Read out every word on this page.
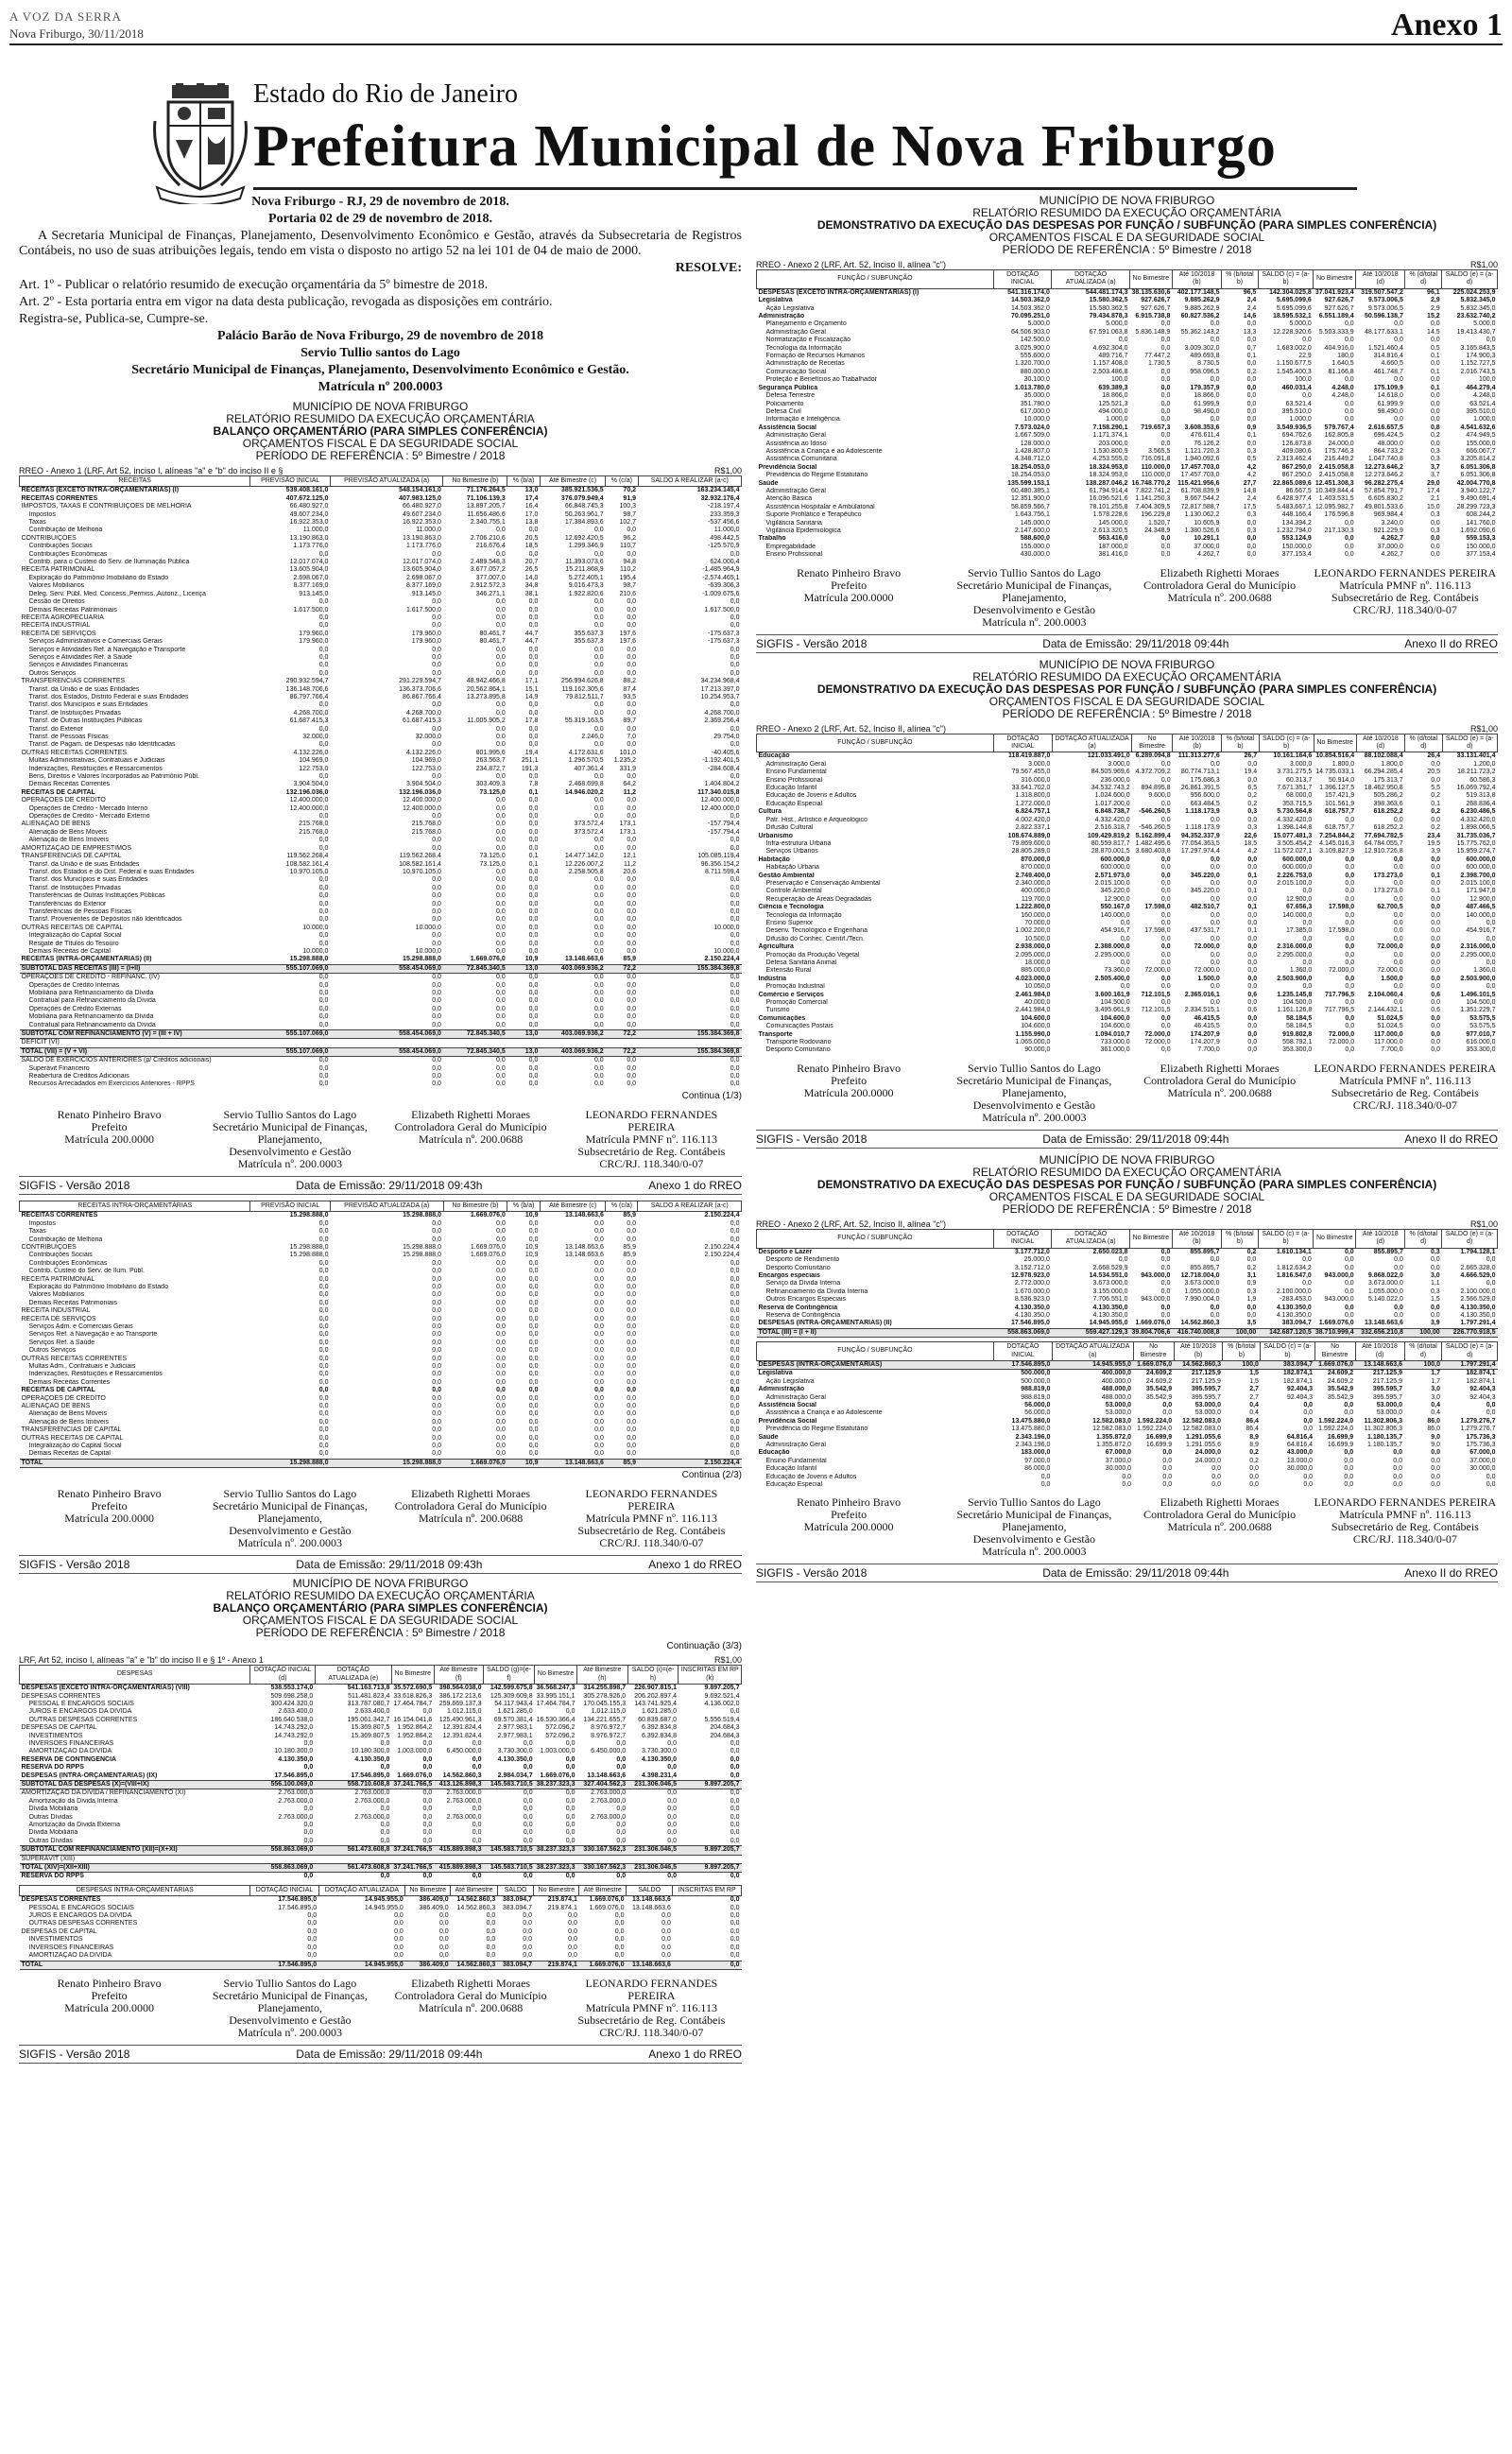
A VOZ DA SERRA
Nova Friburgo, 30/11/2018	Anexo 1
Estado do Rio de Janeiro
Prefeitura Municipal de Nova Friburgo

Nova Friburgo - RJ, 29 de novembro de 2018.

Portaria 02 de 29 de novembro de 2018.

A Secretaria Municipal de Finanças, Planejamento, Desenvolvimento Econômico e Gestão, através da Subsecretaria de Registros Contábeis, no uso de suas atribuições legais, tendo em vista o disposto no artigo 52 na lei 101 de 04 de maio de 2000.

RESOLVE:

Art. 1º - Publicar o relatório resumido de execução orçamentária da 5º bimestre de 2018.

Art. 2º - Esta portaria entra em vigor na data desta publicação, revogada as disposições em contrário.

Registra-se, Publica-se, Cumpre-se.

Palácio Barão de Nova Friburgo, 29 de novembro de 2018

Servio Tullio santos do Lago

Secretário Municipal de Finanças, Planejamento, Desenvolvimento Econômico e Gestão.

Matrícula nº 200.0003

MUNICÍPIO DE NOVA FRIBURGO
RELATÓRIO RESUMIDO DA EXECUÇÃO ORÇAMENTÁRIA
BALANÇO ORÇAMENTÁRIO (PARA SIMPLES CONFERÊNCIA)
ORÇAMENTOS FISCAL E DA SEGURIDADE SOCIAL
PERÍODO DE REFERÊNCIA : 5º Bimestre / 2018
RREO - Anexo 1 (LRF, Art 52, inciso I, alíneas "a" e "b" do inciso II e §	R$1,00
RECEITAS	PREVISÃO INICIAL	PREVISÃO ATUALIZADA (a)	No Bimestre (b)	% (b/a)	Até Bimestre (c)	% (c/a)	SALDO A REALIZAR (a-c)
RECEITAS (EXCETO INTRA-ORÇAMENTÁRIAS) (I)	539.408.161,0	548.154.161,0	71.176.264,5	13,0	385.921.536,5	70,2	163.234.145,4
RECEITAS CORRENTES	407.672.125,0	407.983.125,0	71.106.139,3	17,4	376.079.949,4	91,9	32.932.176,4
IMPOSTOS, TAXAS E CONTRIBUIÇÕES DE MELHORIA	66.480.927,0	66.480.927,0	13.897.205,7	16,4	66.848.745,3	100,3	-218.197,4
Impostos	49.607.234,0	49.607.234,0	11.656.486,6	17,0	50.263.961,7	98,7	233.359,3
Taxas	16.922.353,0	16.922.353,0	2.340.755,1	13,8	17.384.893,6	102,7	-537.456,6
Contribuição de Melhoria	11.000,0	11.000,0	0,0	0,0	0,0	0,0	11.000,0
CONTRIBUIÇÕES	13.190.863,0	13.190.863,0	2.706.210,6	20,5	12.692.420,5	96,2	498.442,5
Contribuições Sociais	1.173.776,0	1.173.776,0	216.676,4	18,5	1.299.346,9	110,7	-125.570,9
Contribuições Econômicas	0,0	0,0	0,0	0,0	0,0	0,0	0,0
Contrib. para o Custeio do Serv. de Iluminação Pública	12.017.074,0	12.017.074,0	2.489.548,3	20,7	11.393.073,6	94,8	624.000,4
RECEITA PATRIMONIAL	13.605.904,0	13.605.904,0	3.677.057,2	26,5	15.211.868,9	110,2	-1.485.964,9
Exploração do Patrimônio Imobiliário do Estado	2.698.067,0	2.698.067,0	377.007,0	14,0	5.272.405,1	195,4	-2.574.465,1
Valores Mobiliários	8.377.169,0	8.377.169,0	2.912.572,3	34,8	9.016.473,3	98,7	-639.306,3
Deleg. Serv. Públ. Med. Concess.,Permiss.,Autoriz., Licença	913.145,0	913.145,0	346.271,1	38,1	1.922.820,6	210,6	-1.009.675,6
Cessão de Direitos	0,0	0,0	0,0	0,0	0,0	0,0	0,0
Demais Receitas Patrimoniais	1.617.500,0	1.617.500,0	0,0	0,0	0,0	0,0	1.617.500,0
RECEITA AGROPECUÁRIA	0,0	0,0	0,0	0,0	0,0	0,0	0,0
RECEITA INDUSTRIAL	0,0	0,0	0,0	0,0	0,0	0,0	0,0
RECEITA DE SERVIÇOS	179.960,0	179.960,0	80.461,7	44,7	355.637,3	197,6	-175.637,3
Serviços Administrativos e Comerciais Gerais	179.960,0	179.960,0	80.461,7	44,7	355.637,3	197,6	-175.637,3
Serviços e Atividades Ref. à Navegação e Transporte	0,0	0,0	0,0	0,0	0,0	0,0	0,0
Serviços e Atividades Ref. à Saúde	0,0	0,0	0,0	0,0	0,0	0,0	0,0
Serviços e Atividades Financeiras	0,0	0,0	0,0	0,0	0,0	0,0	0,0
Outros Serviços	0,0	0,0	0,0	0,0	0,0	0,0	0,0
TRANSFERÊNCIAS CORRENTES	290.932.594,7	291.229.594,7	48.942.466,8	17,1	256.994.626,8	88,2	34.234.968,4
Transf. da União e de suas Entidades	136.148.706,6	136.373.706,6	20.562.864,1	15,1	119.162.305,6	87,4	17.213.397,0
Transf. dos Estados, Distrito Federal e suas Entidades	86.797.766,4	86.867.766,4	13.273.895,8	14,9	79.812.511,7	93,5	10.254.953,7
Transf. dos Municípios e suas Entidades	0,0	0,0	0,0	0,0	0,0	0,0	0,0
Transf. de Instituições Privadas	4.268.700,0	4.268.700,0	0,0	0,0	0,0	0,0	4.268.700,0
Transf. de Outras Instituições Públicas	61.687.415,3	61.687.415,3	11.005.905,2	17,8	55.319.163,5	89,7	2.369.256,4
Transf. do Exterior	0,0	0,0	0,0	0,0	0,0	0,0	0,0
Transf. de Pessoas Físicas	32.000,0	32.000,0	0,0	0,0	2.246,0	7,0	29.754,0
Transf. de Pagam. de Despesas não Identificadas	0,0	0,0	0,0	0,0	0,0	0,0	0,0
OUTRAS RECEITAS CORRENTES	4.132.226,0	4.132.226,0	801.995,6	19,4	4.172.631,6	101,0	-40.405,6
Multas Administrativas, Contratuais e Judiciais	104.969,0	104.969,0	263.563,7	251,1	1.296.570,5	1.235,2	-1.192.401,5
Indenizações, Restituições e Ressarcimentos	122.753,0	122.753,0	234.872,7	191,3	407.361,4	331,9	-284.608,4
Bens, Direitos e Valores Incorporados ao Patrimônio Públ.	0,0	0,0	0,0	0,0	0,0	0,0	0,0
Demais Receitas Correntes	3.904.504,0	3.904.504,0	303.409,3	7,8	2.468.699,8	64,2	1.404.804,2
RECEITAS DE CAPITAL	132.196.036,0	132.196.036,0	73.125,0	0,1	14.946.020,2	11,2	117.340.015,8
OPERAÇÕES DE CRÉDITO	12.400.000,0	12.400.000,0	0,0	0,0	0,0	0,0	12.400.000,0
Operações de Crédito - Mercado Interno	12.400.000,0	12.400.000,0	0,0	0,0	0,0	0,0	12.400.000,0
Operações de Crédito - Mercado Externo	0,0	0,0	0,0	0,0	0,0	0,0	0,0
ALIENAÇÃO DE BENS	215.768,0	215.768,0	0,0	0,0	373.572,4	173,1	-157.794,4
Alienação de Bens Móveis	215.768,0	215.768,0	0,0	0,0	373.572,4	173,1	-157.794,4
Alienação de Bens Imóveis	0,0	0,0	0,0	0,0	0,0	0,0	0,0
AMORTIZAÇÃO DE EMPRÉSTIMOS	0,0	0,0	0,0	0,0	0,0	0,0	0,0
TRANSFERÊNCIAS DE CAPITAL	119.562.268,4	119.562.268,4	73.125,0	0,1	14.477.142,0	12,1	105.085.119,4
Transf. da União e de suas Entidades	108.582.161,4	108.582.161,4	73.125,0	0,1	12.226.007,2	11,2	96.356.154,2
Transf. dos Estados e do Dist. Federal e suas Entidades	10.970.105,0	10.970.105,0	0,0	0,0	2.258.505,8	20,6	8.711.599,4
Transf. dos Municípios e suas Entidades	0,0	0,0	0,0	0,0	0,0	0,0	0,0
Transf. de Instituições Privadas	0,0	0,0	0,0	0,0	0,0	0,0	0,0
Transferências de Outras Instituições Públicas	0,0	0,0	0,0	0,0	0,0	0,0	0,0
Transferências do Exterior	0,0	0,0	0,0	0,0	0,0	0,0	0,0
Transferências de Pessoas Físicas	0,0	0,0	0,0	0,0	0,0	0,0	0,0
Transf. Provenientes de Depósitos não Identificados	0,0	0,0	0,0	0,0	0,0	0,0	0,0
OUTRAS RECEITAS DE CAPITAL	10.000,0	10.000,0	0,0	0,0	0,0	0,0	10.000,0
Integralização do Capital Social	0,0	0,0	0,0	0,0	0,0	0,0	0,0
Resgate de Títulos do Tesouro	0,0	0,0	0,0	0,0	0,0	0,0	0,0
Demais Receitas de Capital	10.000,0	10.000,0	0,0	0,0	0,0	0,0	10.000,0
RECEITAS (INTRA-ORÇAMENTÁRIAS) (II)	15.298.888,0	15.298.888,0	1.669.076,0	10,9	13.148.663,6	85,9	2.150.224,4
SUBTOTAL DAS RECEITAS (III) = (I+II)	555.107.069,0	558.454.069,0	72.845.340,5	13,0	403.069.936,2	72,2	155.384.369,8
OPERAÇÕES DE CRÉDITO - REFINANC. (IV)	0,0	0,0	0,0	0,0	0,0	0,0	0,0
Operações de Crédito Internas	0,0	0,0	0,0	0,0	0,0	0,0	0,0
Mobiliária para Refinanciamento da Dívida	0,0	0,0	0,0	0,0	0,0	0,0	0,0
Contratual para Refinanciamento da Dívida	0,0	0,0	0,0	0,0	0,0	0,0	0,0
Operações de Crédito Externas	0,0	0,0	0,0	0,0	0,0	0,0	0,0
Mobiliária para Refinanciamento da Dívida	0,0	0,0	0,0	0,0	0,0	0,0	0,0
Contratual para Refinanciamento da Dívida	0,0	0,0	0,0	0,0	0,0	0,0	0,0
SUBTOTAL COM REFINANCIAMENTO (V) = (III + IV)	555.107.069,0	558.454.069,0	72.845.340,5	13,0	403.069.936,2	72,2	155.384.369,8
DÉFICIT (VI)							
TOTAL (VII) = (V + VI)	555.107.069,0	558.454.069,0	72.845.340,5	13,0	403.069.936,2	72,2	155.384.369,8
SALDO DE EXERCÍCIOS ANTERIORES (p/ Créditos adicionais)	0,0	0,0	0,0	0,0	0,0	0,0	0,0
Superávit Financeiro	0,0	0,0	0,0	0,0	0,0	0,0	0,0
Reabertura de Créditos Adicionais	0,0	0,0	0,0	0,0	0,0	0,0	0,0
Recursos Arrecadados em Exercícios Anteriores - RPPS	0,0	0,0	0,0	0,0	0,0	0,0	0,0
Continua (1/3)
Renato Pinheiro Bravo
Prefeito
Matrícula 200.0000
Servio Tullio Santos do Lago
Secretário Municipal de Finanças, Planejamento,
Desenvolvimento e Gestão
Matrícula nº. 200.0003
Elizabeth Righetti Moraes
Controladora Geral do Município
Matrícula nº. 200.0688
LEONARDO FERNANDES PEREIRA
Matrícula PMNF nº. 116.113
Subsecretário de Reg. Contábeis
CRC/RJ. 118.340/0-07
SIGFIS - Versão 2018	Data de Emissão: 29/11/2018 09:43h	Anexo 1 do RREO
RECEITAS INTRA-ORÇAMENTÁRIAS	PREVISÃO INICIAL	PREVISÃO ATUALIZADA (a)	No Bimestre (b)	% (b/a)	Até Bimestre (c)	% (c/a)	SALDO A REALIZAR (a-c)
RECEITAS CORRENTES	15.298.888,0	15.298.888,0	1.669.076,0	10,9	13.148.663,6	85,9	2.150.224,4
Impostos	0,0	0,0	0,0	0,0	0,0	0,0	0,0
Taxas	0,0	0,0	0,0	0,0	0,0	0,0	0,0
Contribuição de Melhoria	0,0	0,0	0,0	0,0	0,0	0,0	0,0
CONTRIBUIÇÕES	15.298.888,0	15.298.888,0	1.669.076,0	10,9	13.148.663,6	85,9	2.150.224,4
Contribuições Sociais	15.298.888,0	15.298.888,0	1.669.076,0	10,9	13.148.663,6	85,9	2.150.224,4
Contribuições Econômicas	0,0	0,0	0,0	0,0	0,0	0,0	0,0
Contrib. Custeio do Serv. de Ilum. Públ.	0,0	0,0	0,0	0,0	0,0	0,0	0,0
RECEITA PATRIMONIAL	0,0	0,0	0,0	0,0	0,0	0,0	0,0
Exploração do Patrimônio Imobiliário do Estado	0,0	0,0	0,0	0,0	0,0	0,0	0,0
Valores Mobiliários	0,0	0,0	0,0	0,0	0,0	0,0	0,0
Demais Receitas Patrimoniais	0,0	0,0	0,0	0,0	0,0	0,0	0,0
RECEITA INDUSTRIAL	0,0	0,0	0,0	0,0	0,0	0,0	0,0
RECEITA DE SERVIÇOS	0,0	0,0	0,0	0,0	0,0	0,0	0,0
Serviços Adm. e Comerciais Gerais	0,0	0,0	0,0	0,0	0,0	0,0	0,0
Serviços Ref. à Navegação e ao Transporte	0,0	0,0	0,0	0,0	0,0	0,0	0,0
Serviços Ref. à Saúde	0,0	0,0	0,0	0,0	0,0	0,0	0,0
Outros Serviços	0,0	0,0	0,0	0,0	0,0	0,0	0,0
OUTRAS RECEITAS CORRENTES	0,0	0,0	0,0	0,0	0,0	0,0	0,0
Multas Adm., Contratuais e Judiciais	0,0	0,0	0,0	0,0	0,0	0,0	0,0
Indenizações, Restituições e Ressarcimentos	0,0	0,0	0,0	0,0	0,0	0,0	0,0
Demais Receitas Correntes	0,0	0,0	0,0	0,0	0,0	0,0	0,0
RECEITAS DE CAPITAL	0,0	0,0	0,0	0,0	0,0	0,0	0,0
OPERAÇÕES DE CRÉDITO	0,0	0,0	0,0	0,0	0,0	0,0	0,0
ALIENAÇÃO DE BENS	0,0	0,0	0,0	0,0	0,0	0,0	0,0
Alienação de Bens Móveis	0,0	0,0	0,0	0,0	0,0	0,0	0,0
Alienação de Bens Imóveis	0,0	0,0	0,0	0,0	0,0	0,0	0,0
TRANSFERÊNCIAS DE CAPITAL	0,0	0,0	0,0	0,0	0,0	0,0	0,0
OUTRAS RECEITAS DE CAPITAL	0,0	0,0	0,0	0,0	0,0	0,0	0,0
Integralização do Capital Social	0,0	0,0	0,0	0,0	0,0	0,0	0,0
Demais Receitas de Capital	0,0	0,0	0,0	0,0	0,0	0,0	0,0
TOTAL	15.298.888,0	15.298.888,0	1.669.076,0	10,9	13.148.663,6	85,9	2.150.224,4
Continua (2/3)
Renato Pinheiro Bravo
Prefeito
Matrícula 200.0000
Servio Tullio Santos do Lago
Secretário Municipal de Finanças, Planejamento,
Desenvolvimento e Gestão
Matrícula nº. 200.0003
Elizabeth Righetti Moraes
Controladora Geral do Município
Matrícula nº. 200.0688
LEONARDO FERNANDES PEREIRA
Matrícula PMNF nº. 116.113
Subsecretário de Reg. Contábeis
CRC/RJ. 118.340/0-07
SIGFIS - Versão 2018	Data de Emissão: 29/11/2018 09:43h	Anexo 1 do RREO
MUNICÍPIO DE NOVA FRIBURGO
RELATÓRIO RESUMIDO DA EXECUÇÃO ORÇAMENTÁRIA
BALANÇO ORÇAMENTÁRIO (PARA SIMPLES CONFERÊNCIA)
ORÇAMENTOS FISCAL E DA SEGURIDADE SOCIAL
PERÍODO DE REFERÊNCIA : 5º Bimestre / 2018
Continuação (3/3)
LRF, Art 52, inciso I, alíneas "a" e "b" do inciso II e § 1º - Anexo 1	R$1,00
DESPESAS	DOTAÇÃO INICIAL (d)	DOTAÇÃO ATUALIZADA (e)	No Bimestre	Até Bimestre (f)	SALDO (g)=(e-f)	No Bimestre	Até Bimestre (h)	SALDO (i)=(e-h)	INSCRITAS EM RP (k)
DESPESAS (EXCETO INTRA-ORÇAMENTÁRIAS) (VIII)	538.553.174,0	541.163.713,8	35.572.690,5	398.564.038,0	142.599.675,8	36.568.247,3	314.255.898,7	226.907.815,1	9.897.205,7
DESPESAS CORRENTES	509.698.258,0	511.481.823,4	33.618.826,3	386.172.213,6	125.309.609,8	33.995.151,1	305.278.926,0	206.202.897,4	9.692.521,4
PESSOAL E ENCARGOS SOCIAIS	300.424.320,0	313.787.080,7	17.464.784,7	259.669.137,3	54.117.943,4	17.464.784,7	170.045.155,3	143.741.925,4	4.136.002,0
JUROS E ENCARGOS DA DÍVIDA	2.633.400,0	2.633.400,0	0,0	1.012.115,0	1.621.285,0	0,0	1.012.115,0	1.621.285,0	0,0
OUTRAS DESPESAS CORRENTES	186.640.538,0	195.061.342,7	16.154.041,6	125.490.961,3	69.570.381,4	16.530.366,4	134.221.655,7	60.839.687,0	5.556.519,4
DESPESAS DE CAPITAL	14.743.292,0	15.369.807,5	1.952.864,2	12.391.824,4	2.977.983,1	572.096,2	8.976.972,7	6.392.834,8	204.684,3
INVESTIMENTOS	14.743.292,0	15.369.807,5	1.952.864,2	12.391.824,4	2.977.983,1	572.096,2	8.976.972,7	6.392.834,8	204.684,3
INVERSÕES FINANCEIRAS	0,0	0,0	0,0	0,0	0,0	0,0	0,0	0,0	0,0
AMORTIZAÇÃO DA DÍVIDA	10.180.300,0	10.180.300,0	1.003.000,0	6.450.000,0	3.730.300,0	1.003.000,0	6.450.000,0	3.730.300,0	0,0
RESERVA DE CONTINGÊNCIA	4.130.350,0	4.130.350,0	0,0	0,0	4.130.350,0	0,0	0,0	4.130.350,0	0,0
RESERVA DO RPPS	0,0	0,0	0,0	0,0	0,0	0,0	0,0	0,0	0,0
DESPESAS (INTRA-ORÇAMENTÁRIAS) (IX)	17.546.895,0	17.546.895,0	1.669.076,0	14.562.860,3	2.984.034,7	1.669.076,0	13.148.663,6	4.398.231,4	0,0
SUBTOTAL DAS DESPESAS (X)=(VIII+IX)	556.100.069,0	558.710.608,8	37.241.766,5	413.126.898,3	145.583.710,5	38.237.323,3	327.404.562,3	231.306.046,5	9.897.205,7
AMORTIZAÇÃO DA DÍVIDA / REFINANCIAMENTO (XI)	2.763.000,0	2.763.000,0	0,0	2.763.000,0	0,0	0,0	2.763.000,0	0,0	0,0
Amortização da Dívida Interna	2.763.000,0	2.763.000,0	0,0	2.763.000,0	0,0	0,0	2.763.000,0	0,0	0,0
Dívida Mobiliária	0,0	0,0	0,0	0,0	0,0	0,0	0,0	0,0	0,0
Outras Dívidas	2.763.000,0	2.763.000,0	0,0	2.763.000,0	0,0	0,0	2.763.000,0	0,0	0,0
Amortização da Dívida Externa	0,0	0,0	0,0	0,0	0,0	0,0	0,0	0,0	0,0
Dívida Mobiliária	0,0	0,0	0,0	0,0	0,0	0,0	0,0	0,0	0,0
Outras Dívidas	0,0	0,0	0,0	0,0	0,0	0,0	0,0	0,0	0,0
SUBTOTAL COM REFINANCIAMENTO (XII)=(X+XI)	558.863.069,0	561.473.608,8	37.241.766,5	415.889.898,3	145.583.710,5	38.237.323,3	330.167.562,3	231.306.046,5	9.897.205,7
SUPERÁVIT (XIII)									
TOTAL (XIV)=(XII+XIII)	558.863.069,0	561.473.608,8	37.241.766,5	415.889.898,3	145.583.710,5	38.237.323,3	330.167.562,3	231.306.046,5	9.897.205,7
RESERVA DO RPPS	0,0	0,0	0,0	0,0	0,0	0,0	0,0	0,0	0,0
DESPESAS INTRA-ORÇAMENTÁRIAS	DOTAÇÃO INICIAL	DOTAÇÃO ATUALIZADA	No Bimestre	Até Bimestre	SALDO	No Bimestre	Até Bimestre	SALDO	INSCRITAS EM RP
DESPESAS CORRENTES	17.546.895,0	14.945.955,0	386.409,0	14.562.860,3	383.094,7	219.874,1	1.669.076,0	13.148.663,6	0,0
PESSOAL E ENCARGOS SOCIAIS	17.546.895,0	14.945.955,0	386.409,0	14.562.860,3	383.094,7	219.874,1	1.669.076,0	13.148.663,6	0,0
JUROS E ENCARGOS DA DÍVIDA	0,0	0,0	0,0	0,0	0,0	0,0	0,0	0,0	0,0
OUTRAS DESPESAS CORRENTES	0,0	0,0	0,0	0,0	0,0	0,0	0,0	0,0	0,0
DESPESAS DE CAPITAL	0,0	0,0	0,0	0,0	0,0	0,0	0,0	0,0	0,0
INVESTIMENTOS	0,0	0,0	0,0	0,0	0,0	0,0	0,0	0,0	0,0
INVERSÕES FINANCEIRAS	0,0	0,0	0,0	0,0	0,0	0,0	0,0	0,0	0,0
AMORTIZAÇÃO DA DÍVIDA	0,0	0,0	0,0	0,0	0,0	0,0	0,0	0,0	0,0
TOTAL	17.546.895,0	14.945.955,0	386.409,0	14.562.860,3	383.094,7	219.874,1	1.669.076,0	13.148.663,6	0,0
Renato Pinheiro Bravo
Prefeito
Matrícula 200.0000
Servio Tullio Santos do Lago
Secretário Municipal de Finanças, Planejamento,
Desenvolvimento e Gestão
Matrícula nº. 200.0003
Elizabeth Righetti Moraes
Controladora Geral do Município
Matrícula nº. 200.0688
LEONARDO FERNANDES PEREIRA
Matrícula PMNF nº. 116.113
Subsecretário de Reg. Contábeis
CRC/RJ. 118.340/0-07
SIGFIS - Versão 2018	Data de Emissão: 29/11/2018 09:44h	Anexo 1 do RREO
MUNICÍPIO DE NOVA FRIBURGO
RELATÓRIO RESUMIDO DA EXECUÇÃO ORÇAMENTÁRIA
DEMONSTRATIVO DA EXECUÇÃO DAS DESPESAS POR FUNÇÃO / SUBFUNÇÃO (PARA SIMPLES CONFERÊNCIA)
ORÇAMENTOS FISCAL E DA SEGURIDADE SOCIAL
PERÍODO DE REFERÊNCIA : 5º Bimestre / 2018
RREO - Anexo 2 (LRF, Art. 52, Inciso II, alínea "c")	R$1,00
FUNÇÃO / SUBFUNÇÃO	DOTAÇÃO INICIAL	DOTAÇÃO ATUALIZADA (a)	No Bimestre	Até 10/2018 (b)	% (b/total b)	SALDO (c) = (a-b)	No Bimestre	Até 10/2018 (d)	% (d/total d)	SALDO (e) = (a-d)
DESPESAS (EXCETO INTRA-ORÇAMENTÁRIAS) (I)	541.316.174,0	544.481.174,3	38.135.630,6	402.177.148,5	96,5	142.304.025,8	37.041.923,4	319.507.547,2	96,1	225.024.253,9
Legislativa	14.503.362,0	15.580.362,5	927.626,7	9.885.262,9	2,4	5.695.099,6	927.626,7	9.573.006,5	2,9	5.832.345,0
Ação Legislativa	14.503.362,0	15.580.362,5	927.626,7	9.885.262,9	2,4	5.695.099,6	927.626,7	9.573.006,5	2,9	5.832.345,0
Administração	70.095.251,0	79.434.878,3	6.915.738,8	60.827.536,2	14,6	18.595.532,1	6.551.189,4	50.596.138,7	15,2	23.632.740,2
Planejamento e Orçamento	5.000,0	5.000,0	0,0	0,0	0,0	5.000,0	0,0	0,0	0,0	5.000,0
Administração Geral	64.506.903,0	67.591.063,8	5.836.148,9	55.362.143,2	13,3	12.228.920,6	5.503.333,9	48.177.633,1	14,5	19.413.430,7
Normatização e Fiscalização	142.500,0	0,0	0,0	0,0	0,0	0,0	0,0	0,0	0,0	0,0
Tecnologia da Informação	3.025.900,0	4.692.304,0	0,0	3.009.302,0	0,7	1.683.002,0	404.916,0	1.521.460,4	0,5	3.165.843,5
Formação de Recursos Humanos	555.600,0	489.716,7	77.447,2	489.693,8	0,1	22,9	180,0	314.816,4	0,1	174.900,3
Administração de Receitas	1.320.700,0	1.157.408,0	1.730,5	8.730,5	0,0	1.150.677,5	1.640,5	4.660,5	0,0	1.152.727,5
Comunicação Social	880.000,0	2.503.486,8	0,0	958.096,5	0,2	1.545.400,3	81.166,8	461.748,7	0,1	2.016.743,5
Proteção e Benefícios ao Trabalhador	30.100,0	100,0	0,0	0,0	0,0	100,0	0,0	0,0	0,0	100,0
Segurança Pública	1.013.780,0	639.389,3	0,0	179.357,9	0,0	460.031,4	4.248,0	175.109,9	0,1	464.279,4
Defesa Terrestre	35.000,0	18.866,0	0,0	18.866,0	0,0	0,0	4.248,0	14.618,0	0,0	4.248,0
Policiamento	351.780,0	125.521,3	0,0	61.999,9	0,0	63.521,4	0,0	61.999,9	0,0	63.521,4
Defesa Civil	617.000,0	494.000,0	0,0	98.490,0	0,0	395.510,0	0,0	98.490,0	0,0	395.510,0
Informação e Inteligência	10.000,0	1.000,0	0,0	0,0	0,0	1.000,0	0,0	0,0	0,0	1.000,0
Assistência Social	7.573.024,0	7.158.290,1	719.657,3	3.608.353,6	0,9	3.549.936,5	579.767,4	2.616.657,5	0,8	4.541.632,6
Administração Geral	1.667.509,0	1.171.374,1	0,0	476.611,4	0,1	694.762,6	162.805,8	696.424,5	0,2	474.949,5
Assistência ao Idoso	128.000,0	203.000,0	0,0	76.126,2	0,0	126.873,8	24.000,0	48.000,0	0,0	155.000,0
Assistência à Criança e ao Adolescente	1.428.807,0	1.530.800,9	3.565,5	1.121.720,3	0,3	409.080,6	175.746,3	864.733,2	0,3	666.067,7
Assistência Comunitária	4.348.712,0	4.253.555,0	716.091,8	1.940.092,6	0,5	2.313.462,4	216.449,2	1.047.740,8	0,3	3.205.814,2
Previdência Social	18.254.053,0	18.324.953,0	110.000,0	17.457.703,0	4,2	867.250,0	2.415.058,8	12.273.646,2	3,7	6.051.306,8
Previdência do Regime Estatutário	18.254.053,0	18.324.953,0	110.000,0	17.457.703,0	4,2	867.250,0	2.415.058,8	12.273.646,2	3,7	6.051.306,8
Saúde	135.599.153,1	138.287.046,2	16.748.770,2	115.421.956,6	27,7	22.865.089,6	12.451.308,3	96.282.275,4	29,0	42.004.770,8
Administração Geral	60.480.385,1	61.794.914,4	7.822.741,2	61.708.839,9	14,8	86.667,5	10.349.844,4	57.854.791,7	17,4	3.940.122,7
Atenção Básica	12.351.900,0	16.096.521,6	1.141.250,3	9.667.544,2	2,4	6.428.977,4	1.403.531,5	6.605.830,2	2,1	9.490.691,4
Assistência Hospitalar e Ambulatorial	58.859.566,7	78.101.255,8	7.404.309,5	72.817.588,7	17,5	5.483.667,1	12.095.982,7	49.801.533,6	15,0	28.299.723,3
Suporte Profilático e Terapêutico	1.643.756,1	1.578.228,6	196.229,8	1.130.062,2	0,3	448.166,4	176.596,8	969.984,4	0,3	608.244,2
Vigilância Sanitária	145.000,0	145.000,0	1.520,7	10.605,9	0,0	134.394,2	0,0	3.240,0	0,0	141.760,0
Vigilância Epidemiológica	2.147.600,0	2.613.320,5	24.348,9	1.380.526,6	0,3	1.232.794,0	217.130,3	921.229,9	0,3	1.692.090,6
Trabalho	588.600,0	563.416,0	0,0	10.291,1	0,0	553.124,9	0,0	4.262,7	0,0	559.153,3
Empregabilidade	155.000,0	187.000,0	0,0	37.000,0	0,0	150.000,0	0,0	37.000,0	0,0	150.000,0
Ensino Profissional	430.000,0	381.416,0	0,0	4.262,7	0,0	377.153,4	0,0	4.262,7	0,0	377.153,4
Renato Pinheiro Bravo
Prefeito
Matrícula 200.0000
Servio Tullio Santos do Lago
Secretário Municipal de Finanças, Planejamento,
Desenvolvimento e Gestão
Matrícula nº. 200.0003
Elizabeth Righetti Moraes
Controladora Geral do Município
Matrícula nº. 200.0688
LEONARDO FERNANDES PEREIRA
Matrícula PMNF nº. 116.113
Subsecretário de Reg. Contábeis
CRC/RJ. 118.340/0-07
SIGFIS - Versão 2018	Data de Emissão: 29/11/2018 09:44h	Anexo II do RREO
MUNICÍPIO DE NOVA FRIBURGO
RELATÓRIO RESUMIDO DA EXECUÇÃO ORÇAMENTÁRIA
DEMONSTRATIVO DA EXECUÇÃO DAS DESPESAS POR FUNÇÃO / SUBFUNÇÃO (PARA SIMPLES CONFERÊNCIA)
ORÇAMENTOS FISCAL E DA SEGURIDADE SOCIAL
PERÍODO DE REFERÊNCIA : 5º Bimestre / 2018
RREO - Anexo 2 (LRF, Art. 52, Inciso II, alínea "c")	R$1,00
FUNÇÃO / SUBFUNÇÃO	DOTAÇÃO INICIAL	DOTAÇÃO ATUALIZADA (a)	No Bimestre	Até 10/2018 (b)	% (b/total b)	SALDO (c) = (a-b)	No Bimestre	Até 10/2018 (d)	% (d/total d)	SALDO (e) = (a-d)
Educação	118.419.887,0	121.033.491,0	6.289.094,8	111.313.277,6	26,7	10.161.164,6	10.854.516,4	88.102.088,4	26,4	33.131.401,4
Administração Geral	3.000,0	3.000,0	0,0	0,0	0,0	3.000,0	1.800,0	1.800,0	0,0	1.200,0
Ensino Fundamental	79.567.455,0	84.505.969,6	4.372.709,2	80.774.713,1	19,4	3.731.275,5	14.735.033,1	66.294.285,4	20,5	18.211.723,2
Ensino Profissional	316.000,0	236.000,0	0,0	175.686,3	0,0	60.313,7	50.914,0	175.313,7	0,0	60.586,3
Educação Infantil	33.641.702,0	34.532.743,2	894.895,8	26.861.391,5	6,5	7.671.351,7	1.396.127,5	18.462.950,8	5,5	16.069.792,4
Educação de Jovens e Adultos	1.318.800,0	1.024.600,0	9.600,0	956.600,0	0,2	68.000,0	157.421,9	505.286,2	0,2	519.313,8
Educação Especial	1.272.000,0	1.017.200,0	0,0	663.484,5	0,2	353.715,5	101.561,9	398.363,6	0,1	268.836,4
Cultura	6.824.757,1	6.848.738,7	-546.260,5	1.118.173,9	0,3	5.730.564,8	618.757,7	618.252,2	0,2	6.230.486,5
Patr. Hist., Artístico e Arqueológico	4.002.420,0	4.332.420,0	0,0	0,0	0,0	4.332.420,0	0,0	0,0	0,0	4.332.420,0
Difusão Cultural	2.822.337,1	2.516.318,7	-546.260,5	1.118.173,9	0,3	1.398.144,8	618.757,7	618.252,2	0,2	1.898.066,5
Urbanismo	108.674.889,0	109.429.819,2	5.162.899,4	94.352.337,9	22,6	15.077.481,3	7.254.844,2	77.694.782,5	23,4	31.735.036,7
Infra-estrutura Urbana	79.869.600,0	80.559.817,7	1.482.495,6	77.054.363,5	18,5	3.505.454,2	4.145.016,3	64.784.055,7	19,5	15.775.762,0
Serviços Urbanos	28.805.289,0	28.870.001,5	3.680.403,8	17.297.974,4	4,2	11.572.027,1	3.109.827,9	12.910.726,8	3,9	15.959.274,7
Habitação	870.000,0	600.000,0	0,0	0,0	0,0	600.000,0	0,0	0,0	0,0	600.000,0
Habitação Urbana	870.000,0	600.000,0	0,0	0,0	0,0	600.000,0	0,0	0,0	0,0	600.000,0
Gestão Ambiental	2.749.400,0	2.571.973,0	0,0	345.220,0	0,1	2.226.753,0	0,0	173.273,0	0,1	2.398.700,0
Preservação e Conservação Ambiental	2.340.000,0	2.015.100,0	0,0	0,0	0,0	2.015.100,0	0,0	0,0	0,0	2.015.100,0
Controle Ambiental	400.000,0	345.220,0	0,0	345.220,0	0,1	0,0	0,0	173.273,0	0,1	171.947,0
Recuperação de Áreas Degradadas	119.700,0	12.900,0	0,0	0,0	0,0	12.900,0	0,0	0,0	0,0	12.900,0
Ciência e Tecnologia	1.222.800,0	550.167,0	17.598,0	482.510,7	0,1	67.656,3	17.598,0	62.700,5	0,0	487.466,5
Tecnologia da Informação	160.000,0	140.000,0	0,0	0,0	0,0	140.000,0	0,0	0,0	0,0	140.000,0
Ensino Superior	70.000,0	0,0	0,0	0,0	0,0	0,0	0,0	0,0	0,0	0,0
Desenv. Tecnológico e Engenharia	1.002.200,0	454.916,7	17.598,0	437.531,7	0,1	17.385,0	17.598,0	0,0	0,0	454.916,7
Difusão do Conhec. Científ./Tecn.	10.500,0	0,0	0,0	0,0	0,0	0,0	0,0	0,0	0,0	0,0
Agricultura	2.938.000,0	2.388.000,0	0,0	72.000,0	0,0	2.316.000,0	0,0	72.000,0	0,0	2.316.000,0
Promoção da Produção Vegetal	2.095.000,0	2.295.000,0	0,0	0,0	0,0	2.295.000,0	0,0	0,0	0,0	2.295.000,0
Defesa Sanitária Animal	18.000,0	0,0	0,0	0,0	0,0	0,0	0,0	0,0	0,0	0,0
Extensão Rural	885.000,0	73.360,0	72.000,0	72.000,0	0,0	1.360,0	72.000,0	72.000,0	0,0	1.360,0
Indústria	4.023.000,0	2.505.400,0	0,0	1.500,0	0,0	2.503.900,0	0,0	1.500,0	0,0	2.503.900,0
Promoção Industrial	10.050,0	0,0	0,0	0,0	0,0	0,0	0,0	0,0	0,0	0,0
Comércio e Serviços	2.461.984,0	3.600.161,9	712.101,5	2.365.016,1	0,6	1.235.145,8	717.796,5	2.104.060,4	0,6	1.496.101,5
Promoção Comercial	40.000,0	104.500,0	0,0	0,0	0,0	104.500,0	0,0	0,0	0,0	104.500,0
Turismo	2.441.984,0	3.495.661,9	712.101,5	2.334.515,1	0,6	1.161.126,8	717.796,5	2.144.432,1	0,6	1.351.229,7
Comunicações	104.600,0	104.600,0	0,0	46.415,5	0,0	58.184,5	0,0	51.024,5	0,0	53.575,5
Comunicações Postais	104.600,0	104.600,0	0,0	46.415,5	0,0	58.184,5	0,0	51.024,5	0,0	53.575,5
Transporte	1.155.990,0	1.094.010,7	72.000,0	174.207,9	0,0	919.802,8	72.000,0	117.000,0	0,0	977.010,7
Transporte Rodoviário	1.065.000,0	733.000,0	72.000,0	174.207,9	0,0	558.792,1	72.000,0	117.000,0	0,0	616.000,0
Desporto Comunitário	90.000,0	361.000,0	0,0	7.700,0	0,0	353.300,0	0,0	7.700,0	0,0	353.300,0
Renato Pinheiro Bravo
Prefeito
Matrícula 200.0000
Servio Tullio Santos do Lago
Secretário Municipal de Finanças, Planejamento,
Desenvolvimento e Gestão
Matrícula nº. 200.0003
Elizabeth Righetti Moraes
Controladora Geral do Município
Matrícula nº. 200.0688
LEONARDO FERNANDES PEREIRA
Matrícula PMNF nº. 116.113
Subsecretário de Reg. Contábeis
CRC/RJ. 118.340/0-07
SIGFIS - Versão 2018	Data de Emissão: 29/11/2018 09:44h	Anexo II do RREO
MUNICÍPIO DE NOVA FRIBURGO
RELATÓRIO RESUMIDO DA EXECUÇÃO ORÇAMENTÁRIA
DEMONSTRATIVO DA EXECUÇÃO DAS DESPESAS POR FUNÇÃO / SUBFUNÇÃO (PARA SIMPLES CONFERÊNCIA)
ORÇAMENTOS FISCAL E DA SEGURIDADE SOCIAL
PERÍODO DE REFERÊNCIA : 5º Bimestre / 2018
RREO - Anexo 2 (LRF, Art. 52, Inciso II, alínea "c")	R$1,00
FUNÇÃO / SUBFUNÇÃO	DOTAÇÃO INICIAL	DOTAÇÃO ATUALIZADA (a)	No Bimestre	Até 10/2018 (b)	% (b/total b)	SALDO (c) = (a-b)	No Bimestre	Até 10/2018 (d)	% (d/total d)	SALDO (e) = (a-d)
Desporto e Lazer	3.177.712,0	2.650.023,8	0,0	855.895,7	0,2	1.610.134,1	0,0	855.895,7	0,3	1.794.128,1
Desporto de Rendimento	25.000,0	0,0	0,0	0,0	0,0	0,0	0,0	0,0	0,0	0,0
Desporto Comunitário	3.152.712,0	2.668.529,9	0,0	855.895,7	0,2	1.812.634,2	0,0	0,0	0,0	2.665.328,0
Encargos especiais	12.978.923,0	14.534.551,0	943.000,0	12.718.004,0	3,1	1.816.547,0	943.000,0	9.868.022,0	3,0	4.666.529,0
Serviço da Dívida Interna	2.772.000,0	3.673.000,0	0,0	3.673.000,0	0,9	0,0	0,0	3.673.000,0	1,1	0,0
Refinanciamento da Dívida Interna	1.670.000,0	3.155.000,0	0,0	1.055.000,0	0,3	2.100.000,0	0,0	1.055.000,0	0,3	2.100.000,0
Outros Encargos Especiais	8.536.923,0	7.706.551,0	943.000,0	7.990.004,0	1,9	-283.453,0	943.000,0	5.140.022,0	1,5	2.566.529,0
Reserva de Contingência	4.130.350,0	4.130.350,0	0,0	0,0	0,0	4.130.350,0	0,0	0,0	0,0	4.130.350,0
Reserva de Contingência	4.130.350,0	4.130.350,0	0,0	0,0	0,0	4.130.350,0	0,0	0,0	0,0	4.130.350,0
DESPESAS (INTRA-ORÇAMENTÁRIAS) (II)	17.546.895,0	14.945.955,0	1.669.076,0	14.562.860,3	3,5	383.094,7	1.669.076,0	13.148.663,6	3,9	1.797.291,4
TOTAL (III) = (I + II)	558.863.069,0	559.427.129,3	39.804.706,6	416.740.008,8	100,00	142.687.120,5	38.710.999,4	332.656.210,8	100,00	226.770.918,5
FUNÇÃO / SUBFUNÇÃO	DOTAÇÃO INICIAL	DOTAÇÃO ATUALIZADA (a)	No Bimestre	Até 10/2018 (b)	% (b/total b)	SALDO (c) = (a-b)	No Bimestre	Até 10/2018 (d)	% (d/total d)	SALDO (e) = (a-d)
DESPESAS (INTRA-ORÇAMENTÁRIAS)	17.546.895,0	14.945.955,0	1.669.076,0	14.562.860,3	100,0	383.094,7	1.669.076,0	13.148.663,6	100,0	1.797.291,4
Legislativa	500.000,0	400.000,0	24.609,2	217.125,9	1,5	182.874,1	24.609,2	217.125,9	1,7	182.874,1
Ação Legislativa	500.000,0	400.000,0	24.609,2	217.125,9	1,5	182.874,1	24.609,2	217.125,9	1,7	182.874,1
Administração	988.819,0	488.000,0	35.542,9	395.595,7	2,7	92.404,3	35.542,9	395.595,7	3,0	92.404,3
Administração Geral	988.819,0	488.000,0	35.542,9	395.595,7	2,7	92.404,3	35.542,9	395.595,7	3,0	92.404,3
Assistência Social	56.000,0	53.000,0	0,0	53.000,0	0,4	0,0	0,0	53.000,0	0,4	0,0
Assistência à Criança e ao Adolescente	56.000,0	53.000,0	0,0	53.000,0	0,4	0,0	0,0	53.000,0	0,4	0,0
Previdência Social	13.475.880,0	12.582.083,0	1.592.224,0	12.582.083,0	86,4	0,0	1.592.224,0	11.302.806,3	86,0	1.279.276,7
Previdência do Regime Estatutário	13.475.880,0	12.582.083,0	1.592.224,0	12.582.083,0	86,4	0,0	1.592.224,0	11.302.806,3	86,0	1.279.276,7
Saúde	2.343.196,0	1.355.872,0	16.699,9	1.291.055,6	8,9	64.816,4	16.699,9	1.180.135,7	9,0	175.736,3
Administração Geral	2.343.196,0	1.355.872,0	16.699,9	1.291.055,6	8,9	64.816,4	16.699,9	1.180.135,7	9,0	175.736,3
Educação	183.000,0	67.000,0	0,0	24.000,0	0,2	43.000,0	0,0	0,0	0,0	67.000,0
Ensino Fundamental	97.000,0	37.000,0	0,0	24.000,0	0,2	13.000,0	0,0	0,0	0,0	37.000,0
Educação Infantil	86.000,0	30.000,0	0,0	0,0	0,0	30.000,0	0,0	0,0	0,0	30.000,0
Educação de Jovens e Adultos	0,0	0,0	0,0	0,0	0,0	0,0	0,0	0,0	0,0	0,0
Educação Especial	0,0	0,0	0,0	0,0	0,0	0,0	0,0	0,0	0,0	0,0
Renato Pinheiro Bravo
Prefeito
Matrícula 200.0000
Servio Tullio Santos do Lago
Secretário Municipal de Finanças, Planejamento,
Desenvolvimento e Gestão
Matrícula nº. 200.0003
Elizabeth Righetti Moraes
Controladora Geral do Município
Matrícula nº. 200.0688
LEONARDO FERNANDES PEREIRA
Matrícula PMNF nº. 116.113
Subsecretário de Reg. Contábeis
CRC/RJ. 118.340/0-07
SIGFIS - Versão 2018	Data de Emissão: 29/11/2018 09:44h	Anexo II do RREO
